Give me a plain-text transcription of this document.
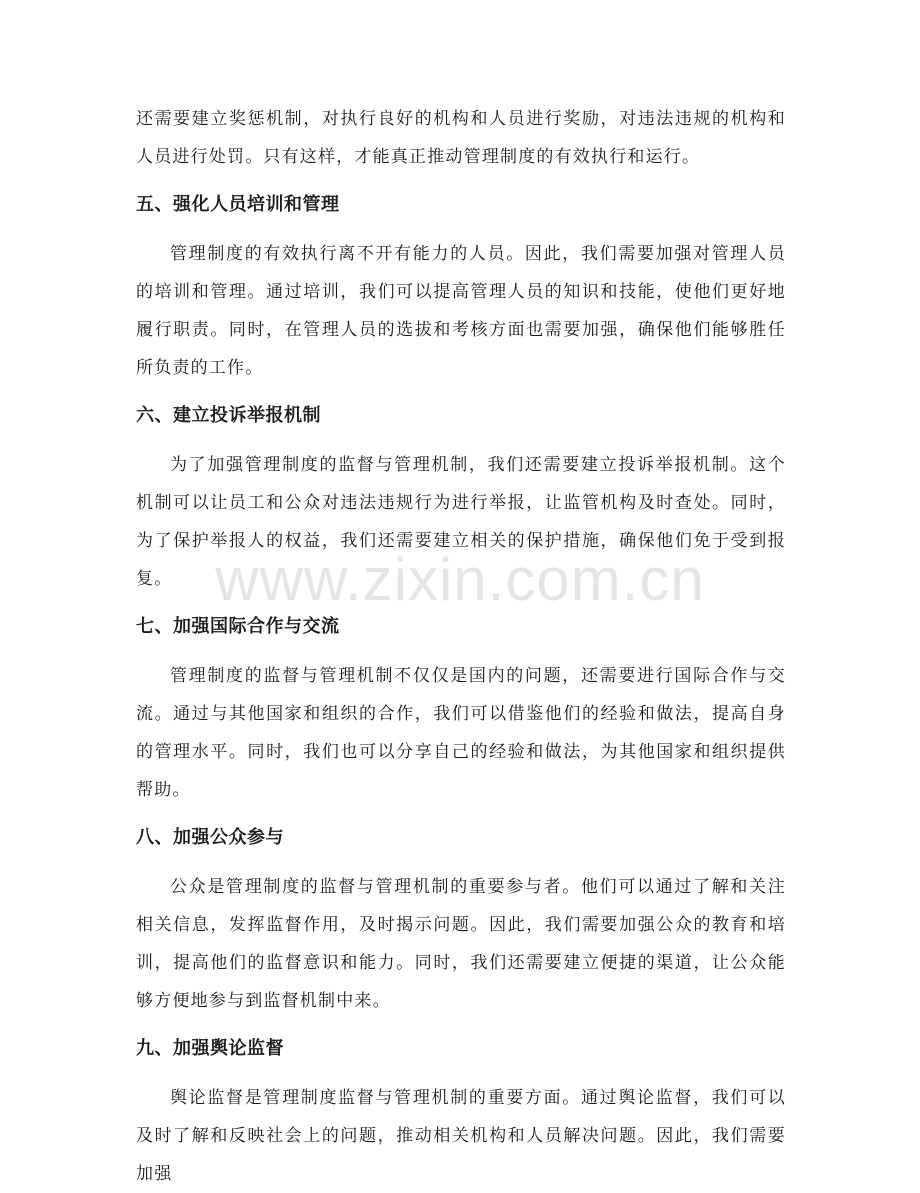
还需要建立奖惩机制，对执行良好的机构和人员进行奖励，对违法违规的机构和人员进行处罚。只有这样，才能真正推动管理制度的有效执行和运行。

五、强化人员培训和管理

管理制度的有效执行离不开有能力的人员。因此，我们需要加强对管理人员的培训和管理。通过培训，我们可以提高管理人员的知识和技能，使他们更好地履行职责。同时，在管理人员的选拔和考核方面也需要加强，确保他们能够胜任所负责的工作。

六、建立投诉举报机制

为了加强管理制度的监督与管理机制，我们还需要建立投诉举报机制。这个机制可以让员工和公众对违法违规行为进行举报，让监管机构及时查处。同时，为了保护举报人的权益，我们还需要建立相关的保护措施，确保他们免于受到报复。

七、加强国际合作与交流

管理制度的监督与管理机制不仅仅是国内的问题，还需要进行国际合作与交流。通过与其他国家和组织的合作，我们可以借鉴他们的经验和做法，提高自身的管理水平。同时，我们也可以分享自己的经验和做法，为其他国家和组织提供帮助。

八、加强公众参与

公众是管理制度的监督与管理机制的重要参与者。他们可以通过了解和关注相关信息，发挥监督作用，及时揭示问题。因此，我们需要加强公众的教育和培训，提高他们的监督意识和能力。同时，我们还需要建立便捷的渠道，让公众能够方便地参与到监督机制中来。

九、加强舆论监督

舆论监督是管理制度监督与管理机制的重要方面。通过舆论监督，我们可以及时了解和反映社会上的问题，推动相关机构和人员解决问题。因此，我们需要加强

www.zixin.com.cn
